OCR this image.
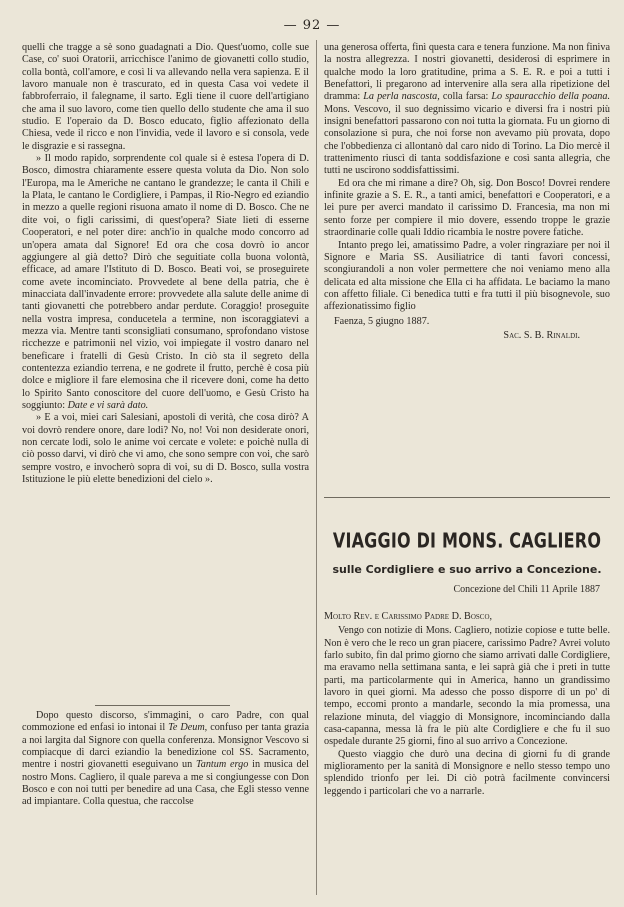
— 92 —

quelli che tragge a sè sono guadagnati a Dio. Quest'uomo, colle sue Case, co' suoi Oratorii, arricchisce l'animo de giovanetti collo studio, colla bontà, coll'amore, e così li va allevando nella vera sapienza. E il lavoro manuale non è trascurato, ed in questa Casa voi vedete il fabbroferraio, il falegname, il sarto. Egli tiene il cuore dell'artigiano che ama il suo lavoro, come tien quello dello studente che ama il suo studio. E l'operaio da D. Bosco educato, figlio affezionato della Chiesa, vede il ricco e non l'invidia, vede il lavoro e si consola, vede le disgrazie e si rassegna.

» Il modo rapido, sorprendente col quale si è estesa l'opera di D. Bosco, dimostra chiaramente essere questa voluta da Dio. Non solo l'Europa, ma le Americhe ne cantano le grandezze; le canta il Chilì e la Plata, le cantano le Cordigliere, i Pampas, il Rio-Negro ed eziandio in mezzo a quelle regioni risuona amato il nome di D. Bosco. Che ne dite voi, o figli carissimi, di quest'opera? Siate lieti di esserne Cooperatori, e nel poter dire: anch'io in qualche modo concorro ad un'opera amata dal Signore! Ed ora che cosa dovrò io ancor aggiungere al già detto? Dirò che seguitiate colla buona volontà, efficace, ad amare l'Istituto di D. Bosco. Beati voi, se proseguirete come avete incominciato. Provvedete al bene della patria, che è minacciata dall'invadente errore: provvedete alla salute delle anime di tanti giovanetti che potrebbero andar perdute. Coraggio! proseguite nella vostra impresa, conducetela a termine, non iscoraggiatevi a mezza via. Mentre tanti sconsigliati consumano, sprofondano vistose ricchezze e patrimonii nel vizio, voi impiegate il vostro danaro nel beneficare i fratelli di Gesù Cristo. In ciò sta il segreto della contentezza eziandio terrena, e ne godrete il frutto, perchè è cosa più dolce e migliore il fare elemosina che il ricevere doni, come ha detto lo Spirito Santo conoscitore del cuore dell'uomo, e Gesù Cristo ha soggiunto: Date e vi sarà dato.

» E a voi, miei cari Salesiani, apostoli di verità, che cosa dirò? A voi dovrò rendere onore, dare lodi? No, no! Voi non desiderate onori, non cercate lodi, solo le anime voi cercate e volete: e poichè nulla di ciò posso darvi, vi dirò che vi amo, che sono sempre con voi, che sarò sempre vostro, e invocherò sopra di voi, su di D. Bosco, sulla vostra Istituzione le più elette benedizioni del cielo ».

Dopo questo discorso, s'immagini, o caro Padre, con qual commozione ed enfasi io intonai il Te Deum, confuso per tanta grazia a noi largita dal Signore con quella conferenza. Monsignor Vescovo si compiacque di darci eziandio la benedizione col SS. Sacramento, mentre i nostri giovanetti eseguivano un Tantum ergo in musica del nostro Mons. Cagliero, il quale pareva a me si congiungesse con Don Bosco e con noi tutti per benedire ad una Casa, che Egli stesso venne ad impiantare. Colla questua, che raccolse

una generosa offerta, finì questa cara e tenera funzione. Ma non finiva la nostra allegrezza. I nostri giovanetti, desiderosi di esprimere in qualche modo la loro gratitudine, prima a S. E. R. e poi a tutti i Benefattori, li pregarono ad intervenire alla sera alla ripetizione del dramma: La perla nascosta, colla farsa: Lo spauracchio della poana. Mons. Vescovo, il suo degnissimo vicario e diversi fra i nostri più insigni benefattori passarono con noi tutta la giornata. Fu un giorno di consolazione sì pura, che noi forse non avevamo più provata, dopo che l'obbedienza ci allontanò dal caro nido di Torino. La Dio mercè il trattenimento riuscì di tanta soddisfazione e così santa allegria, che tutti ne uscirono soddisfattissimi.

Ed ora che mi rimane a dire? Oh, sig. Don Bosco! Dovrei rendere infinite grazie a S. E. R., a tanti amici, benefattori e Cooperatori, e a lei pure per averci mandato il carissimo D. Francesia, ma non mi sento forze per compiere il mio dovere, essendo troppe le grazie straordinarie colle quali Iddio ricambia le nostre povere fatiche.

Intanto prego lei, amatissimo Padre, a voler ringraziare per noi il Signore e Maria SS. Ausiliatrice di tanti favori concessi, scongiurandoli a non voler permettere che noi veniamo meno alla delicata ed alta missione che Ella ci ha affidata. Le baciamo la mano con affetto filiale. Ci benedica tutti e fra tutti il più bisognevole, suo affezionatissimo figlio

Faenza, 5 giugno 1887.
Sac. S. B. Rinaldi.
VIAGGIO DI MONS. CAGLIERO
sulle Cordigliere e suo arrivo a Concezione.
Concezione del Chilì 11 Aprile 1887

Molto Rev. e Carissimo Padre D. Bosco,

Vengo con notizie di Mons. Cagliero, notizie copiose e tutte belle. Non è vero che le reco un gran piacere, carissimo Padre? Avrei voluto farlo subito, fin dal primo giorno che siamo arrivati dalle Cordigliere, ma eravamo nella settimana santa, e lei saprà già che i preti in tutte parti, ma particolarmente qui in America, hanno un grandissimo lavoro in quei giorni. Ma adesso che posso disporre di un po' di tempo, eccomi pronto a mandarle, secondo la mia promessa, una relazione minuta, del viaggio di Monsignore, incominciando dalla casa-capanna, messa là fra le più alte Cordigliere e che fu il suo ospedale durante 25 giorni, fino al suo arrivo a Concezione.

Questo viaggio che durò una decina di giorni fu di grande miglioramento per la sanità di Monsignore e nello stesso tempo uno splendido trionfo per lei. Di ciò potrà facilmente convincersi leggendo i particolari che vo a narrarle.
